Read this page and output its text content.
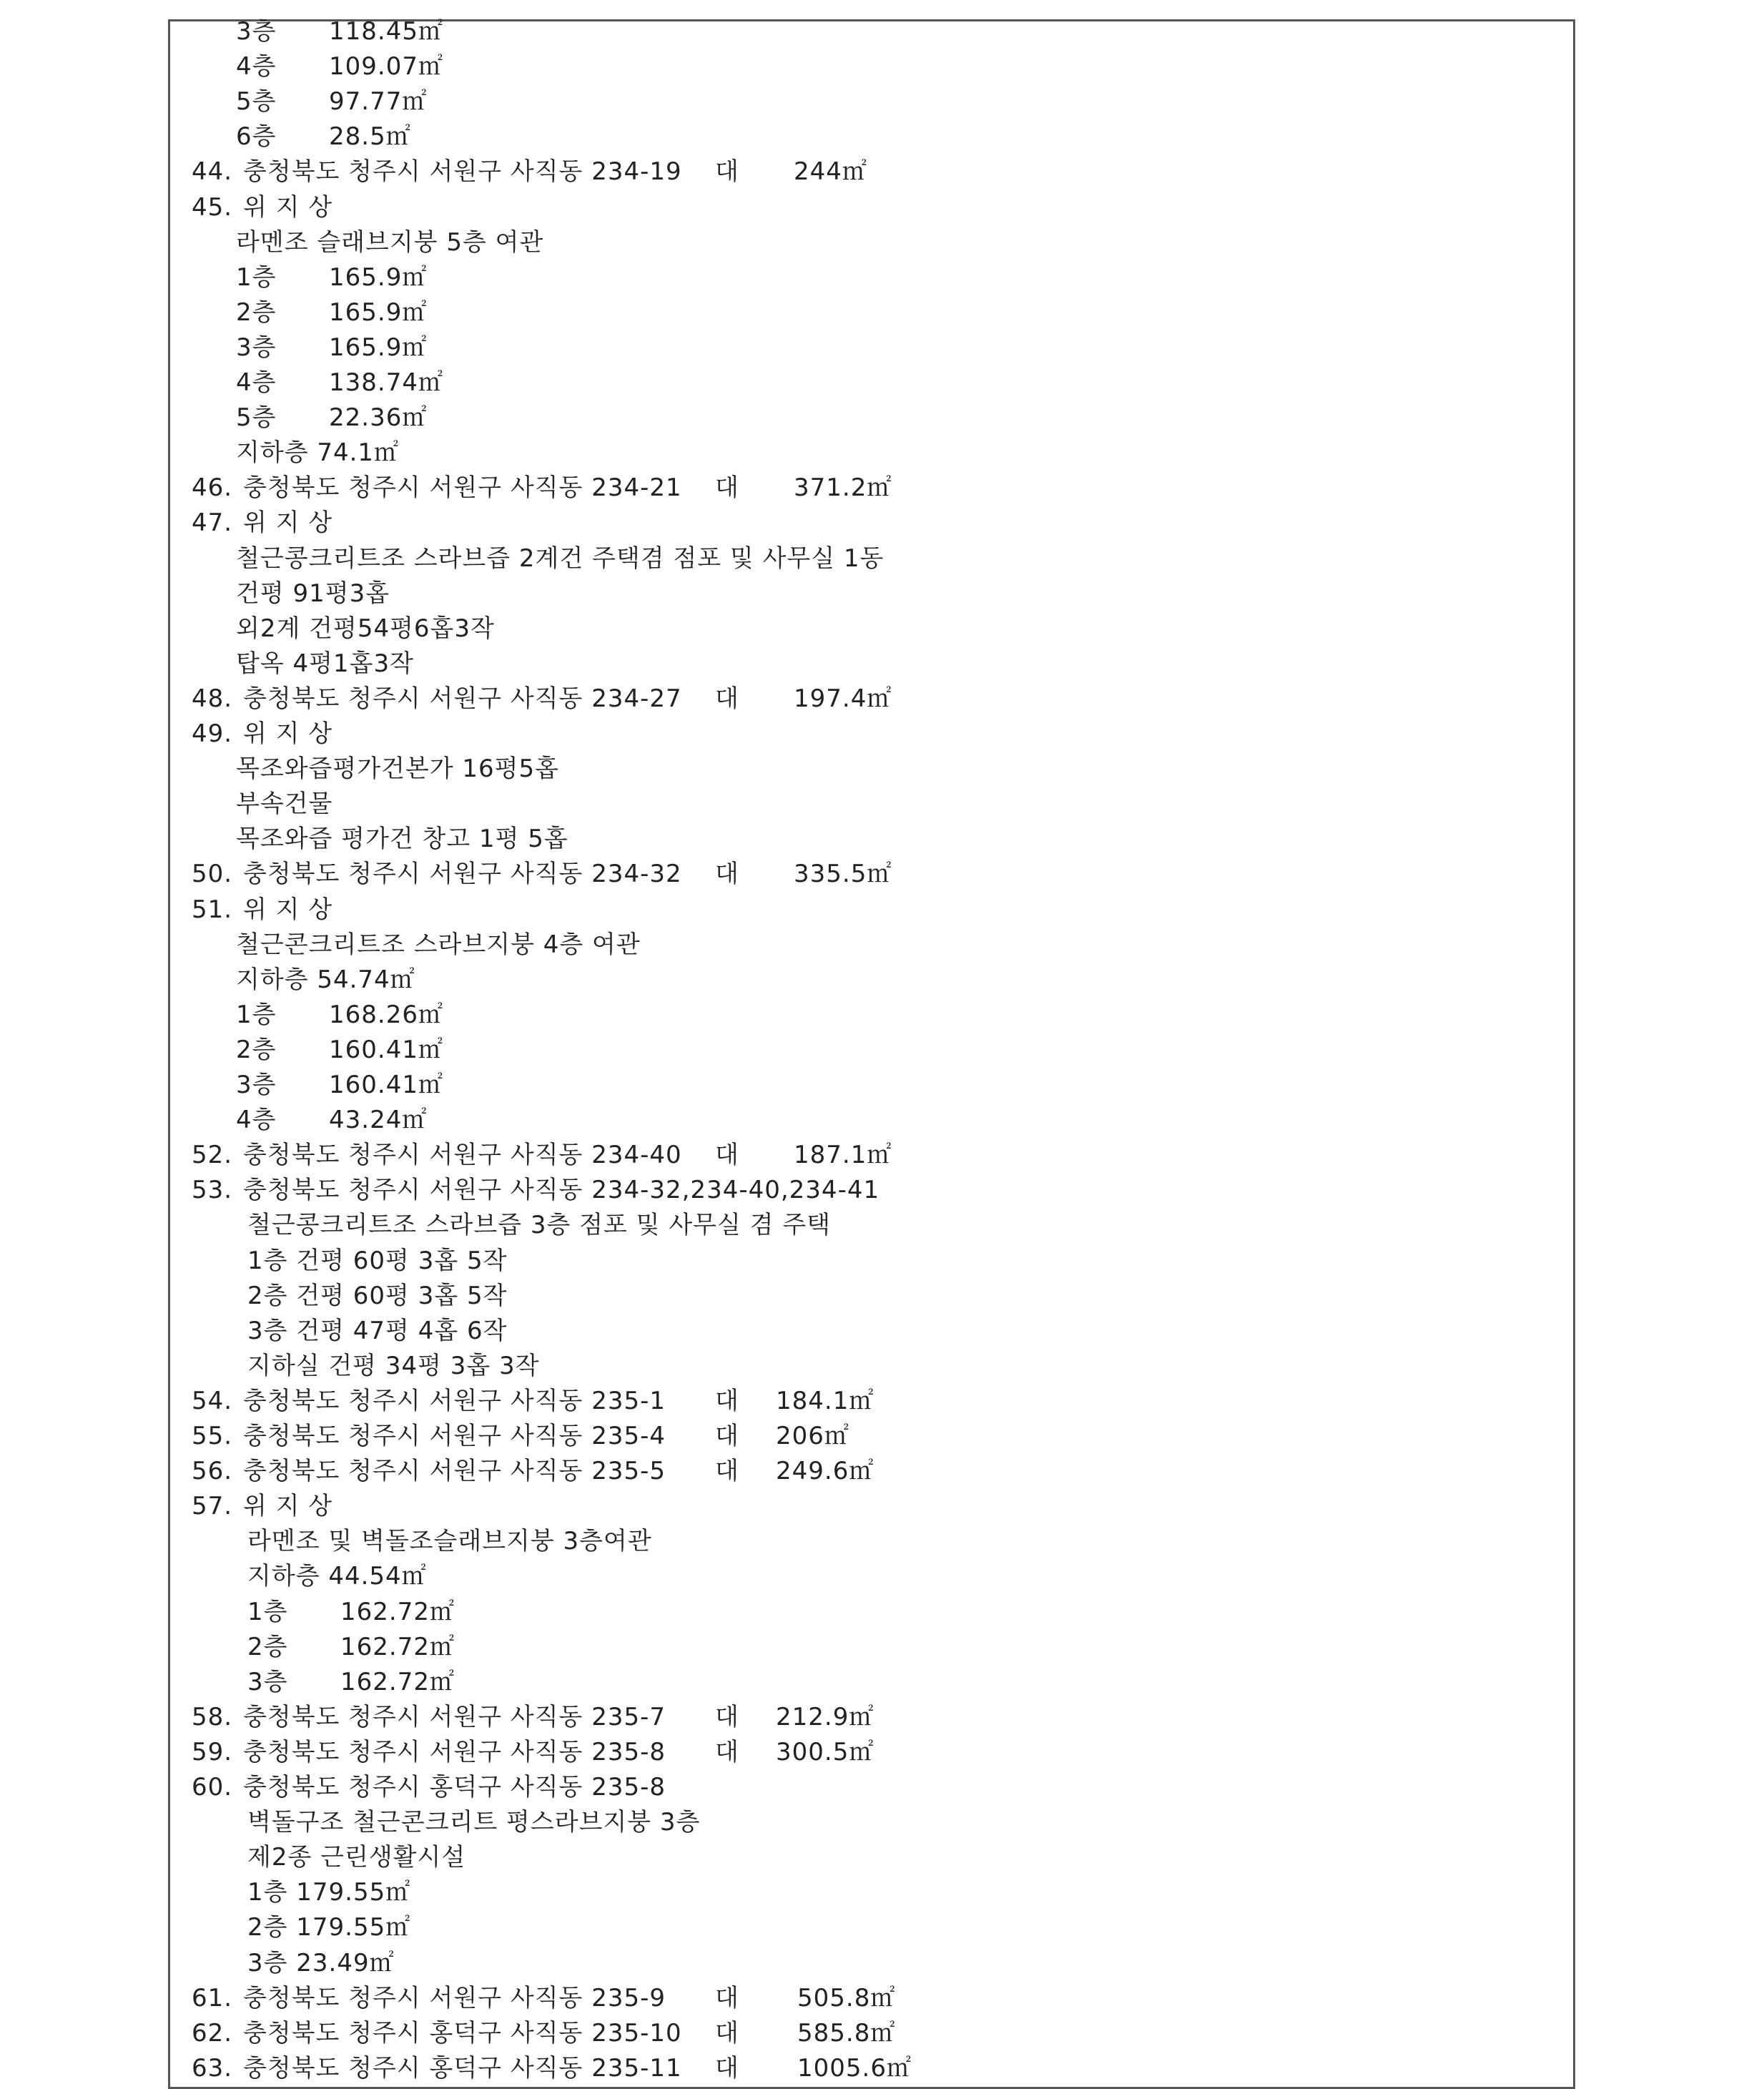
3층 118.45㎡
4층 109.07㎡
5층 97.77㎡
6층 28.5㎡
44. 충청북도 청주시 서원구 사직동 234-19 대 244㎡
45. 위 지 상
라멘조 슬래브지붕 5층 여관
1층 165.9㎡
2층 165.9㎡
3층 165.9㎡
4층 138.74㎡
5층 22.36㎡
지하층 74.1㎡
46. 충청북도 청주시 서원구 사직동 234-21 대 371.2㎡
47. 위 지 상
철근콩크리트조 스라브즙 2계건 주택겸 점포 및 사무실 1동
건평 91평3홉
외2계 건평54평6홉3작
탑옥 4평1홉3작
48. 충청북도 청주시 서원구 사직동 234-27 대 197.4㎡
49. 위 지 상
목조와즙평가건본가 16평5홉
부속건물
목조와즙 평가건 창고 1평 5홉
50. 충청북도 청주시 서원구 사직동 234-32 대 335.5㎡
51. 위 지 상
철근콘크리트조 스라브지붕 4층 여관
지하층 54.74㎡
1층 168.26㎡
2층 160.41㎡
3층 160.41㎡
4층 43.24㎡
52. 충청북도 청주시 서원구 사직동 234-40 대 187.1㎡
53. 충청북도 청주시 서원구 사직동 234-32,234-40,234-41
철근콩크리트조 스라브즙 3층 점포 및 사무실 겸 주택
1층 건평 60평 3홉 5작
2층 건평 60평 3홉 5작
3층 건평 47평 4홉 6작
지하실 건평 34평 3홉 3작
54. 충청북도 청주시 서원구 사직동 235-1 대 184.1㎡
55. 충청북도 청주시 서원구 사직동 235-4 대 206㎡
56. 충청북도 청주시 서원구 사직동 235-5 대 249.6㎡
57. 위 지 상
라멘조 및 벽돌조슬래브지붕 3층여관
지하층 44.54㎡
1층 162.72㎡
2층 162.72㎡
3층 162.72㎡
58. 충청북도 청주시 서원구 사직동 235-7 대 212.9㎡
59. 충청북도 청주시 서원구 사직동 235-8 대 300.5㎡
60. 충청북도 청주시 홍덕구 사직동 235-8
벽돌구조 철근콘크리트 평스라브지붕 3층
제2종 근린생활시설
1층 179.55㎡
2층 179.55㎡
3층 23.49㎡
61. 충청북도 청주시 서원구 사직동 235-9 대 505.8㎡
62. 충청북도 청주시 홍덕구 사직동 235-10 대 585.8㎡
63. 충청북도 청주시 홍덕구 사직동 235-11 대 1005.6㎡
